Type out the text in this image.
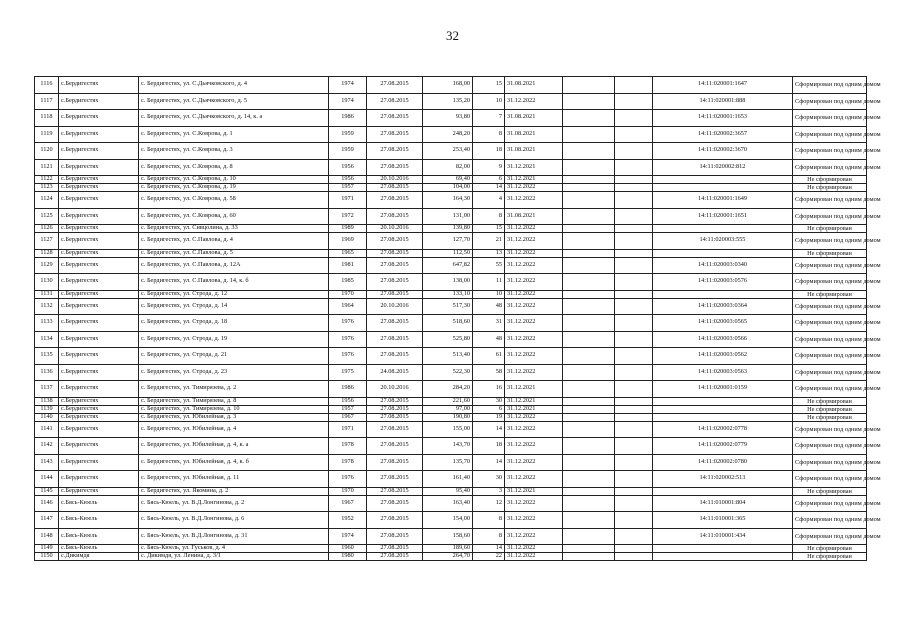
32
1116	с.Бердигестях	с. Бердигестях, ул. С.Дьячковского, д. 4	1974	27.08.2015	168,00	15	31.08.2021			14:11:020001:1647	Сформирован под одним домом
1117	с.Бердигестях	с. Бердигестях, ул. С.Дьячковского, д. 5	1974	27.08.2015	135,20	10	31.12.2022			14:11:020001:888	Сформирован под одним домом
1118	с.Бердигестях	с. Бердигестях, ул. С.Дьячковского, д. 14, к. а	1986	27.08.2015	93,80	7	31.08.2021			14:11:020001:1653	Сформирован под одним домом
1119	с.Бердигестях	с. Бердигестях, ул. С.Коврова, д. 1	1959	27.08.2015	248,20	8	31.08.2021			14:11:020002:3657	Сформирован под одним домом
1120	с.Бердигестях	с. Бердигестях, ул. С.Коврова, д. 3	1959	27.08.2015	253,40	18	31.08.2021			14:11:020002:3670	Сформирован под одним домом
1121	с.Бердигестях	с. Бердигестях, ул. С.Коврова, д. 8	1956	27.08.2015	82,00	9	31.12.2021			14:11:020002:812	Сформирован под одним домом
1122	с.Бердигестях	с. Бердигестях, ул. С.Коврова, д. 10	1956	20.10.2016	69,40	6	31.12.2021				Не сформирован
1123	с.Бердигестях	с. Бердигестях, ул. С.Коврова, д. 19	1957	27.08.2015	104,00	14	31.12.2022				Не сформирован
1124	с.Бердигестях	с. Бердигестях, ул. С.Коврова, д. 58	1971	27.08.2015	164,30	4	31.12.2022			14:11:020001:1649	Сформирован под одним домом
1125	с.Бердигестях	с. Бердигестях, ул. С.Коврова, д. 60	1972	27.08.2015	131,00	8	31.08.2021			14:11:020001:1651	Сформирован под одним домом
1126	с.Бердигестях	с. Бердигестях, ул. Сивцолина, д. 33	1989	20.10.2016	139,80	15	31.12.2022				Не сформирован
1127	с.Бердигестях	с. Бердигестях, ул. С.Павлова, д. 4	1969	27.08.2015	127,70	21	31.12.2022			14:11:020003:555	Сформирован под одним домом
1128	с.Бердигестях	с. Бердигестях, ул. С.Павлова, д. 5	1965	27.08.2015	112,50	13	31.12.2022				Не сформирован
1129	с.Бердигестях	с. Бердигестях, ул. С.Павлова, д. 12А	1981	27.08.2015	647,82	55	31.12.2022			14:11:020003:0340	Сформирован под одним домом
1130	с.Бердигестях	с. Бердигестях, ул. С.Павлова, д. 14, к. б	1985	27.08.2015	138,00	11	31.12.2022			14:11:020003:0576	Сформирован под одним домом
1131	с.Бердигестях	с. Бердигестях, ул. Строда, д. 12	1970	27.08.2015	133,10	10	31.12.2022				Не сформирован
1132	с.Бердигестях	с. Бердигестях, ул. Строда, д. 14	1964	20.10.2016	517,30	48	31.12.2022			14:11:020003:0364	Сформирован под одним домом
1133	с.Бердигестях	с. Бердигестях, ул. Строда, д. 18	1976	27.08.2015	518,60	31	31.12.2022			14:11:020003:0565	Сформирован под одним домом
1134	с.Бердигестях	с. Бердигестях, ул. Строда, д. 19	1976	27.08.2015	525,80	48	31.12.2022			14:11:020003:0566	Сформирован под одним домом
1135	с.Бердигестях	с. Бердигестях, ул. Строда, д. 21	1976	27.08.2015	513,40	61	31.12.2022			14:11:020003:0562	Сформирован под одним домом
1136	с.Бердигестях	с. Бердигестях, ул. Строда, д. 23	1975	24.08.2015	522,30	58	31.12.2022			14:11:020003:0563	Сформирован под одним домом
1137	с.Бердигестях	с. Бердигестях, ул. Тимирязева, д. 2	1986	20.10.2016	284,20	16	31.12.2021			14:11:020001:0159	Сформирован под одним домом
1138	с.Бердигестях	с. Бердигестях, ул. Тимирязева, д. 8	1956	27.08.2015	221,60	30	31.12.2021				Не сформирован
1139	с.Бердигестях	с. Бердигестях, ул. Тимирязева, д. 10	1957	27.08.2015	97,00	6	31.12.2021				Не сформирован
1140	с.Бердигестях	с. Бердигестях, ул. Юбилейная, д. 3	1967	27.08.2015	190,80	19	31.12.2022				Не сформирован
1141	с.Бердигестях	с. Бердигестях, ул. Юбилейная, д. 4	1971	27.08.2015	155,00	14	31.12.2022			14:11:020002:0778	Сформирован под одним домом
1142	с.Бердигестях	с. Бердигестях, ул. Юбилейная, д. 4, к. а	1978	27.08.2015	143,70	18	31.12.2022			14:11:020002:0779	Сформирован под одним домом
1143	с.Бердигестях	с. Бердигестях, ул. Юбилейная, д. 4, к. б	1978	27.08.2015	135,70	14	31.12.2022			14:11:020002:0780	Сформирован под одним домом
1144	с.Бердигестях	с. Бердигестях, ул. Юбилейная, д. 11	1976	27.08.2015	161,40	30	31.12.2022			14:11:020002:513	Сформирован под одним домом
1145	с.Бердигестях	с. Бердигестях, ул. Якомина, д. 2	1970	27.08.2015	95,40	3	31.12.2021				Не сформирован
1146	с.Бясь-Кюель	с. Бясь-Кюель, ул. В.Д.Лонгинова, д. 2	1967	27.08.2015	163,40	12	31.12.2022			14:11:010001:804	Сформирован под одним домом
1147	с.Бясь-Кюель	с. Бясь-Кюель, ул. В.Д.Лонгинова, д. 6	1952	27.08.2015	154,00	8	31.12.2022			14:11:010001:365	Сформирован под одним домом
1148	с.Бясь-Кюель	с. Бясь-Кюель, ул. В.Д.Лонгинова, д. 31	1974	27.08.2015	158,60	8	31.12.2022			14:11:010001:434	Сформирован под одним домом
1149	с.Бясь-Кюель	с. Бясь-Кюель, ул. Гуськов, д. 4	1960	27.08.2015	189,60	14	31.12.2022				Не сформирован
1150	с.Дикимдя	с. Дикимдя, ул. Ленина, д. 3/1	1980	27.08.2015	264,70	22	31.12.2022				Не сформирован
